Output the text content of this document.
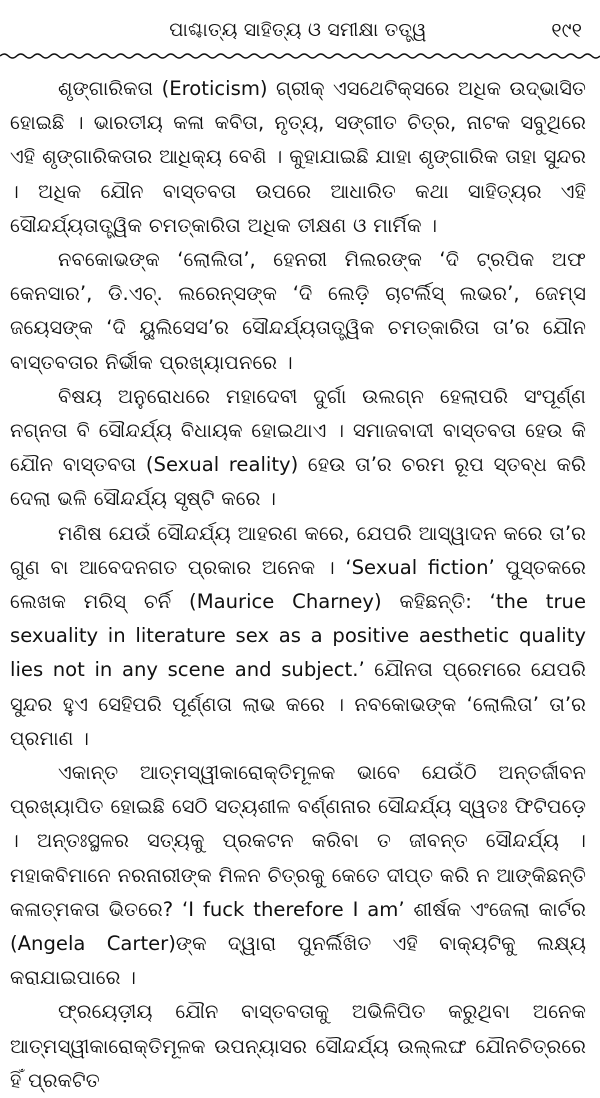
ପାଶ୍ଚାତ୍ୟ ସାହିତ୍ୟ ଓ ସମୀକ୍ଷା ତତ୍ତ୍ୱ	୧୯୧

ଶୃଙ୍ଗାରିକତା (Eroticism) ଗ୍ରୀକ୍ ଏସଥେଟିକ୍ସରେ ଅଧିକ ଉଦ୍ଭାସିତ ହୋଇଛି । ଭାରତୀୟ କଳା କବିତା, ନୃତ୍ୟ, ସଙ୍ଗୀତ ଚିତ୍ର, ନାଟକ ସବୁଥିରେ ଏହି ଶୃଙ୍ଗାରିକତାର ଆଧିକ୍ୟ ବେଶି । କୁହାଯାଇଛି ଯାହା ଶୃଙ୍ଗାରିକ ତାହା ସୁନ୍ଦର । ଅଧିକ ଯୌନ ବାସ୍ତବତା ଉପରେ ଆଧାରିତ କଥା ସାହିତ୍ୟର ଏହି ସୌନ୍ଦର୍ଯ୍ୟତାତ୍ତ୍ୱିକ ଚମତ୍କାରିତା ଅଧିକ ତୀକ୍ଷଣ ଓ ମାର୍ମିକ ।

ନବକୋଭଙ୍କ ‘ଲୋଲିତା’, ହେନରୀ ମିଲରଙ୍କ ‘ଦି ଟ୍ରପିକ ଅଫ କେନସାର’, ଡି.ଏଚ୍. ଲରେନ୍ସଙ୍କ ‘ଦି ଲେଡ଼ି ଚାଟର୍ଲିସ୍ ଲଭର’, ଜେମ୍ସ ଜୟେସଙ୍କ ‘ଦି ୟୁଲିସେସ’ର ସୌନ୍ଦର୍ଯ୍ୟତାତ୍ତ୍ୱିକ ଚମତ୍କାରିତା ତା’ର ଯୌନ ବାସ୍ତବତାର ନିର୍ଭୀକ ପ୍ରଖ୍ୟାପନରେ ।

ବିଷୟ ଅନୁରୋଧରେ ମହାଦେବୀ ଦୁର୍ଗା ଉଲଗ୍ନ ହେଲାପରି ସଂପୂର୍ଣ୍ଣ ନଗ୍ନତା ବି ସୌନ୍ଦର୍ଯ୍ୟ ବିଧାୟକ ହୋଇଥାଏ । ସମାଜବାଦୀ ବାସ୍ତବତା ହେଉ କି ଯୌନ ବାସ୍ତବତା (Sexual reality) ହେଉ ତା’ର ଚରମ ରୂପ ସ୍ତବ୍ଧ କରି ଦେଲା ଭଳି ସୌନ୍ଦର୍ଯ୍ୟ ସୃଷ୍ଟି କରେ ।

ମଣିଷ ଯେଉଁ ସୌନ୍ଦର୍ଯ୍ୟ ଆହରଣ କରେ, ଯେପରି ଆସ୍ୱାଦନ କରେ ତା’ର ଗୁଣ ବା ଆବେଦନଗତ ପ୍ରକାର ଅନେକ । ‘Sexual fiction’ ପୁସ୍ତକରେ ଲେଖକ ମରିସ୍ ଚର୍ନି (Maurice Charney) କହିଛନ୍ତି: ‘the true sexuality in literature sex as a positive aesthetic quality lies not in any scene and subject.’ ଯୌନତା ପ୍ରେମରେ ଯେପରି ସୁନ୍ଦର ହୁଏ ସେହିପରି ପୂର୍ଣ୍ଣତା ଲାଭ କରେ । ନବକୋଭଙ୍କ ‘ଲୋଲିତା’ ତା’ର ପ୍ରମାଣ ।

ଏକାନ୍ତ ଆତ୍ମସ୍ୱୀକାରୋକ୍ତିମୂଳକ ଭାବେ ଯେଉଁଠି ଅନ୍ତର୍ଜୀବନ ପ୍ରଖ୍ୟାପିତ ହୋଇଛି ସେଠି ସତ୍ୟଶୀଳ ବର୍ଣ୍ଣନାର ସୌନ୍ଦର୍ଯ୍ୟ ସ୍ୱତଃ ଫିଟିପଡ଼େ । ଅନ୍ତଃସ୍ଥଳର ସତ୍ୟକୁ ପ୍ରକଟନ କରିବା ତ ଜୀବନ୍ତ ସୌନ୍ଦର୍ଯ୍ୟ । ମହାକବିମାନେ ନରନାରୀଙ୍କ ମିଳନ ଚିତ୍ରକୁ କେତେ ଦୀପ୍ତ କରି ନ ଆଙ୍କିଛନ୍ତି କଳାତ୍ମକତା ଭିତରେ? ‘I fuck therefore I am’ ଶୀର୍ଷକ ଏଂଜେଲା କାର୍ଟର (Angela Carter)ଙ୍କ ଦ୍ୱାରା ପୁନର୍ଲିଖିତ ଏହି ବାକ୍ୟଟିକୁ ଲକ୍ଷ୍ୟ କରାଯାଇପାରେ ।

ଫ୍ରୟେଡ଼ୀୟ ଯୌନ ବାସ୍ତବତାକୁ ଅଭିଳିପିତ କରୁଥିବା ଅନେକ ଆତ୍ମସ୍ୱୀକାରୋକ୍ତିମୂଳକ ଉପନ୍ୟାସର ସୌନ୍ଦର୍ଯ୍ୟ ଉଲ୍ଲଙ୍ଘ ଯୌନଚିତ୍ରରେ ହିଁ ପ୍ରକଟିତ
